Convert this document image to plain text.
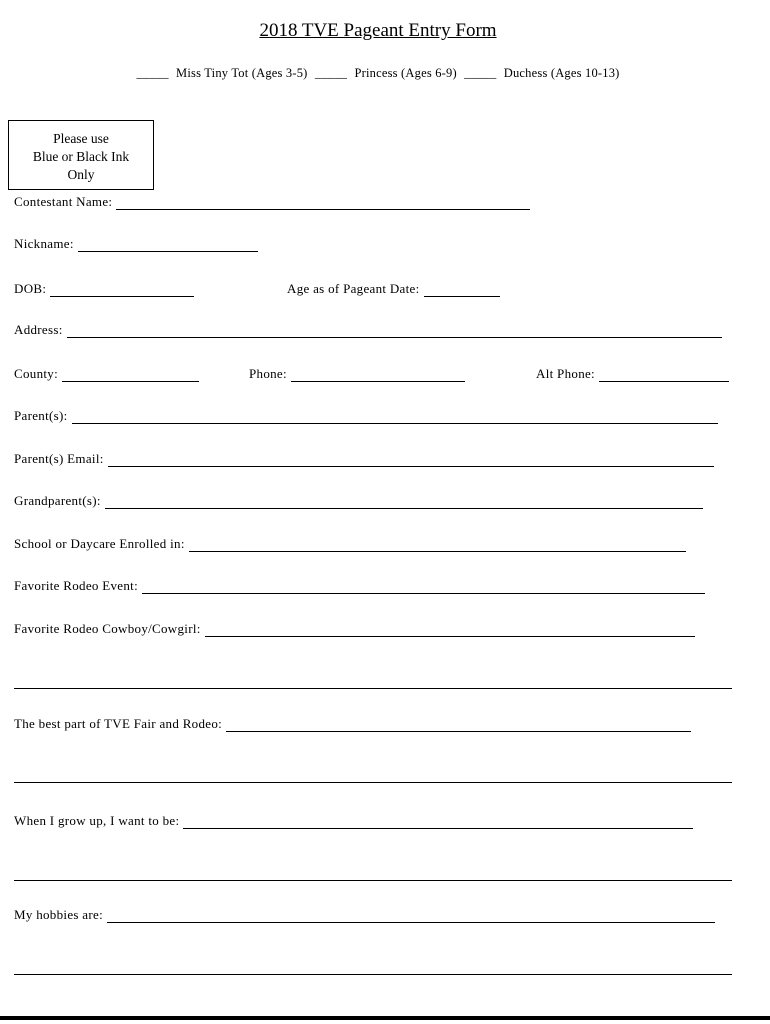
2018 TVE Pageant Entry Form
_____ Miss Tiny Tot (Ages 3-5) _____ Princess (Ages 6-9) _____ Duchess (Ages 10-13)
Please use
Blue or Black Ink
Only
Contestant Name:
Nickname:
DOB:	Age as of Pageant Date:
Address:
County:	Phone:	Alt Phone:
Parent(s):
Parent(s) Email:
Grandparent(s):
School or Daycare Enrolled in:
Favorite Rodeo Event:
Favorite Rodeo Cowboy/Cowgirl:
The best part of TVE Fair and Rodeo:
When I grow up, I want to be:
My hobbies are:
